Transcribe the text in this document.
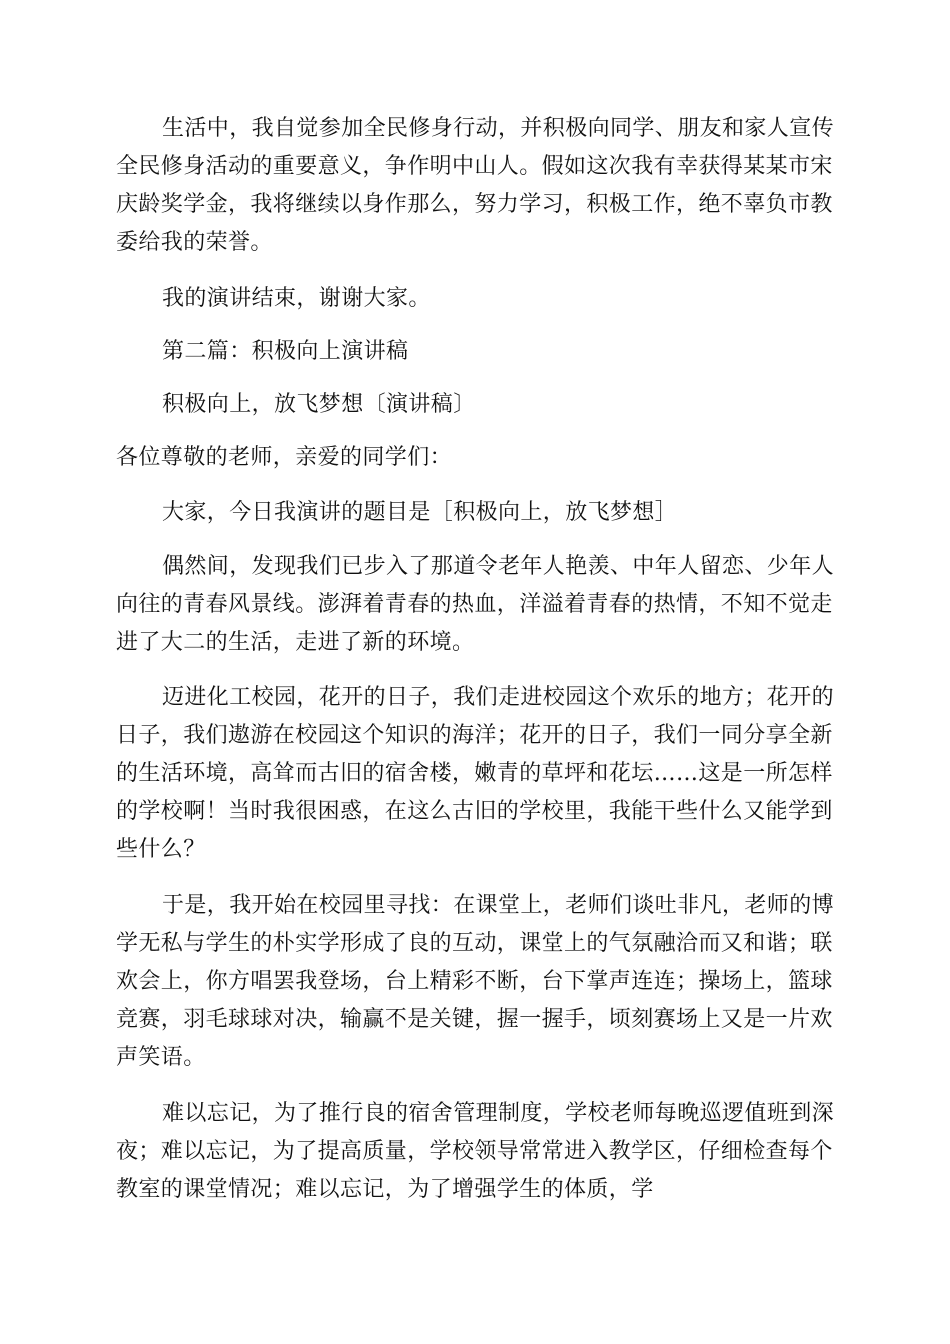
生活中，我自觉参加全民修身行动，并积极向同学、朋友和家人宣传
全民修身活动的重要意义，争作明中山人。假如这次我有幸获得某某市宋
庆龄奖学金，我将继续以身作那么，努力学习，积极工作，绝不辜负市教
委给我的荣誉。

我的演讲结束，谢谢大家。

第二篇：积极向上演讲稿

积极向上，放飞梦想〔演讲稿〕

各位尊敬的老师，亲爱的同学们：

大家，今日我演讲的题目是［积极向上，放飞梦想］

偶然间，发现我们已步入了那道令老年人艳羡、中年人留恋、少年人
向往的青春风景线。澎湃着青春的热血，洋溢着青春的热情，不知不觉走
进了大二的生活，走进了新的环境。

迈进化工校园，花开的日子，我们走进校园这个欢乐的地方；花开的
日子，我们遨游在校园这个知识的海洋；花开的日子，我们一同分享全新
的生活环境，高耸而古旧的宿舍楼，嫩青的草坪和花坛……这是一所怎样
的学校啊！当时我很困惑，在这么古旧的学校里，我能干些什么又能学到
些什么？

于是，我开始在校园里寻找：在课堂上，老师们谈吐非凡，老师的博
学无私与学生的朴实学形成了良的互动，课堂上的气氛融洽而又和谐；联
欢会上，你方唱罢我登场，台上精彩不断，台下掌声连连；操场上，篮球
竞赛，羽毛球球对决，输赢不是关键，握一握手，顷刻赛场上又是一片欢
声笑语。

难以忘记，为了推行良的宿舍管理制度，学校老师每晚巡逻值班到深
夜；难以忘记，为了提高质量，学校领导常常进入教学区，仔细检查每个
教室的课堂情况；难以忘记，为了增强学生的体质，学
